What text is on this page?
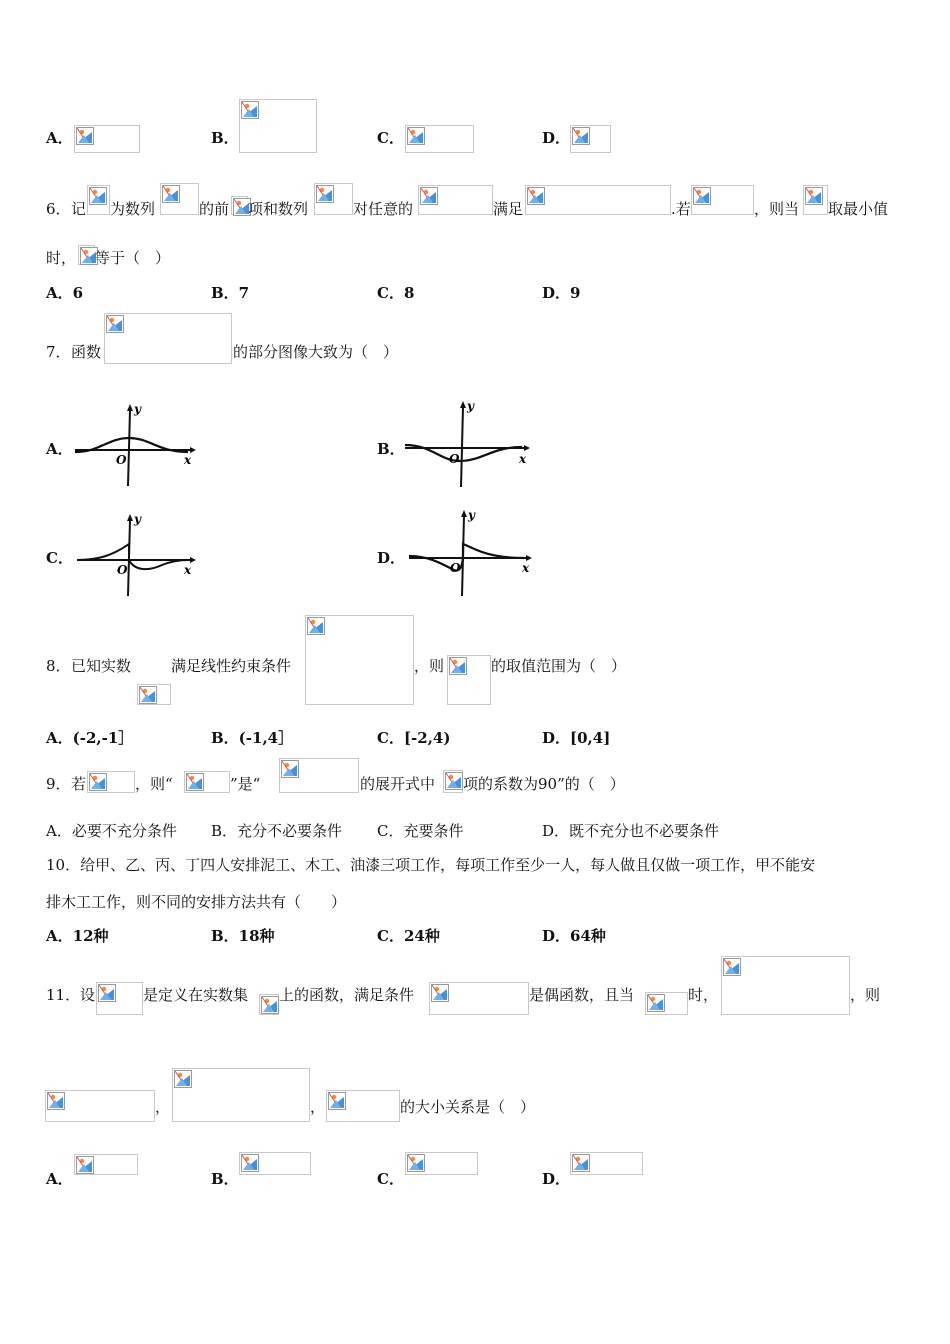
A．	B．	C．	D．
6． 记 为数列	的前 项和数列	对任意的	满足	.若	，则当 取最小值
时， 等于（　）
A．6	B．7	C．8	D．9
7． 函数	的部分图像大致为（　）
A．
y
x
O
B．
y
x
O
C．
y
x
O
D．
y
x
O
8． 已知实数	满足线性约束条件	，则	的取值范围为（　）
A．(-2,-1］	B．(-1,4］	C．[-2,4)	D．[0,4]
9． 若	，则“	”是“	的展开式中 项的系数为90”的（　）
A．必要不充分条件 B．充分不必要条件 C．充要条件	D．既不充分也不必要条件
10．给甲、乙、丙、丁四人安排泥工、木工、油漆三项工作，每项工作至少一人，每人做且仅做一项工作，甲不能安
排木工工作，则不同的安排方法共有（　　）
A．12种	B．18种	C．24种	D．64种
11． 设	是定义在实数集 上的函数，满足条件	是偶函数，且当	时，	，则
，	，	的大小关系是（　）
A．	B．	C．	D．
